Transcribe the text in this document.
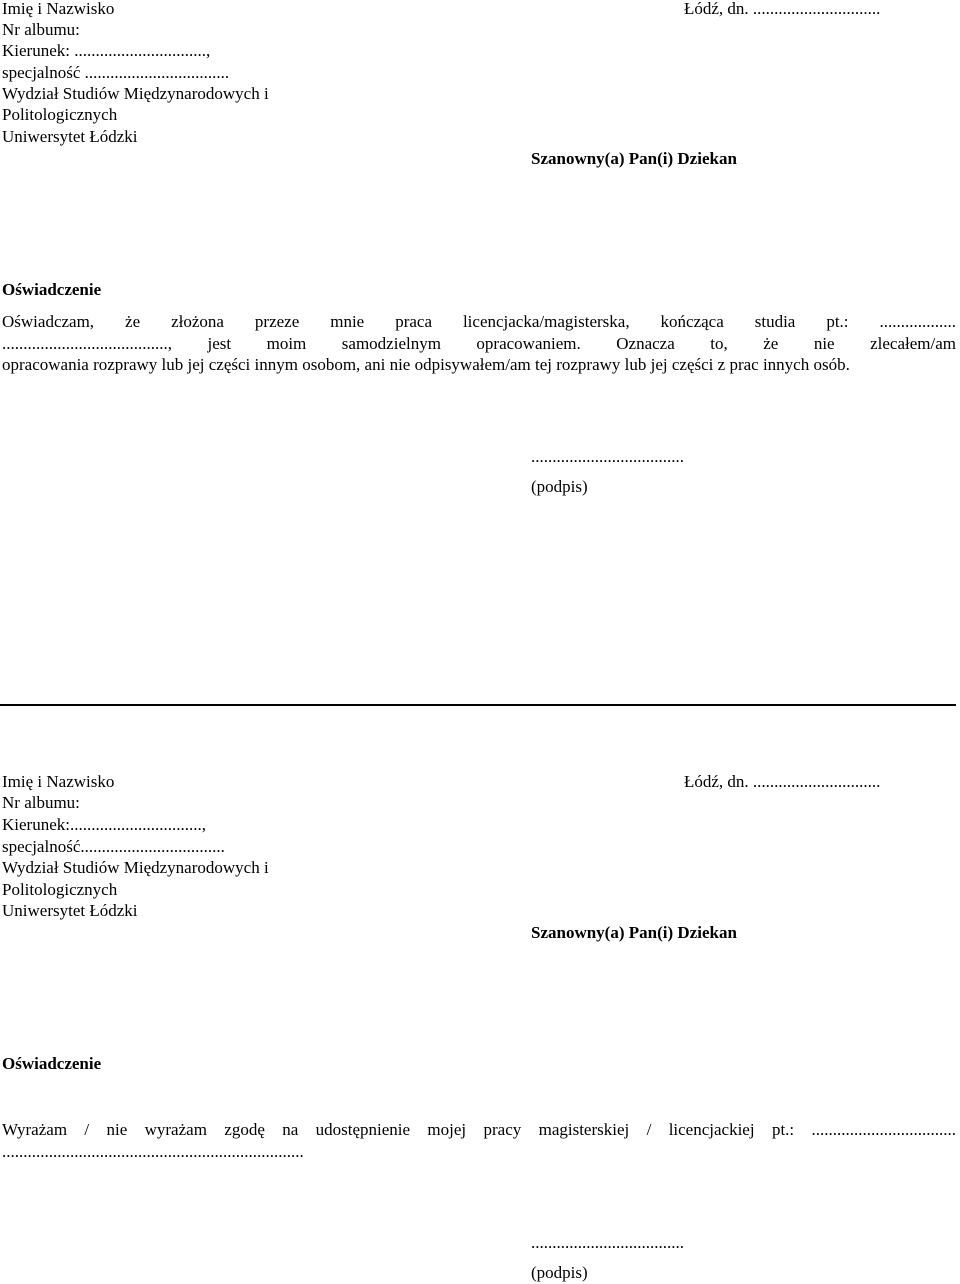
Imię i Nazwisko
Nr albumu:
Kierunek: ...............................,
specjalność ..................................
Wydział Studiów Międzynarodowych i
Politologicznych
Uniwersytet Łódzki
Łódź, dn. ..............................
Szanowny(a) Pan(i) Dziekan
Oświadczenie
Oświadczam, że złożona przeze mnie praca licencjacka/magisterska, kończąca studia pt.: ..................
......................................., jest moim samodzielnym opracowaniem. Oznacza to, że nie zlecałem/am
opracowania rozprawy lub jej części innym osobom, ani nie odpisywałem/am tej rozprawy lub jej części z prac innych osób.
....................................
(podpis)
Imię i Nazwisko
Nr albumu:
Kierunek:...............................,
specjalność..................................
Wydział Studiów Międzynarodowych i
Politologicznych
Uniwersytet Łódzki
Łódź, dn. ..............................
Szanowny(a) Pan(i) Dziekan
Oświadczenie
Wyrażam / nie wyrażam zgodę na udostępnienie mojej pracy magisterskiej / licencjackiej pt.: ..................................
.......................................................................
....................................
(podpis)
